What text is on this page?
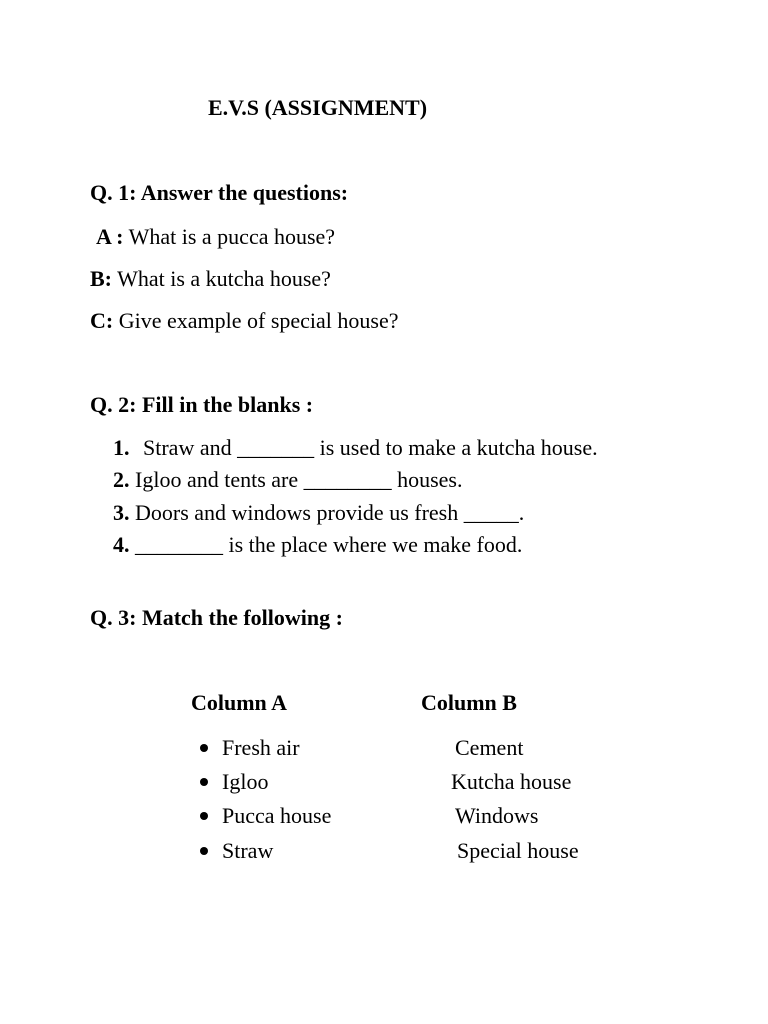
E.V.S (ASSIGNMENT)
Q. 1: Answer the questions:
A : What is a pucca house?
B: What is a kutcha house?
C: Give example of special house?
Q. 2: Fill in the blanks :
1. Straw and _______ is used to make a kutcha house.
2. Igloo and tents are ________ houses.
3. Doors and windows provide us fresh _____.
4. ________ is the place where we make food.
Q. 3: Match the following :
Column A	Column B
Fresh air
Igloo
Pucca house
Straw
Cement
Kutcha house
Windows
Special house
